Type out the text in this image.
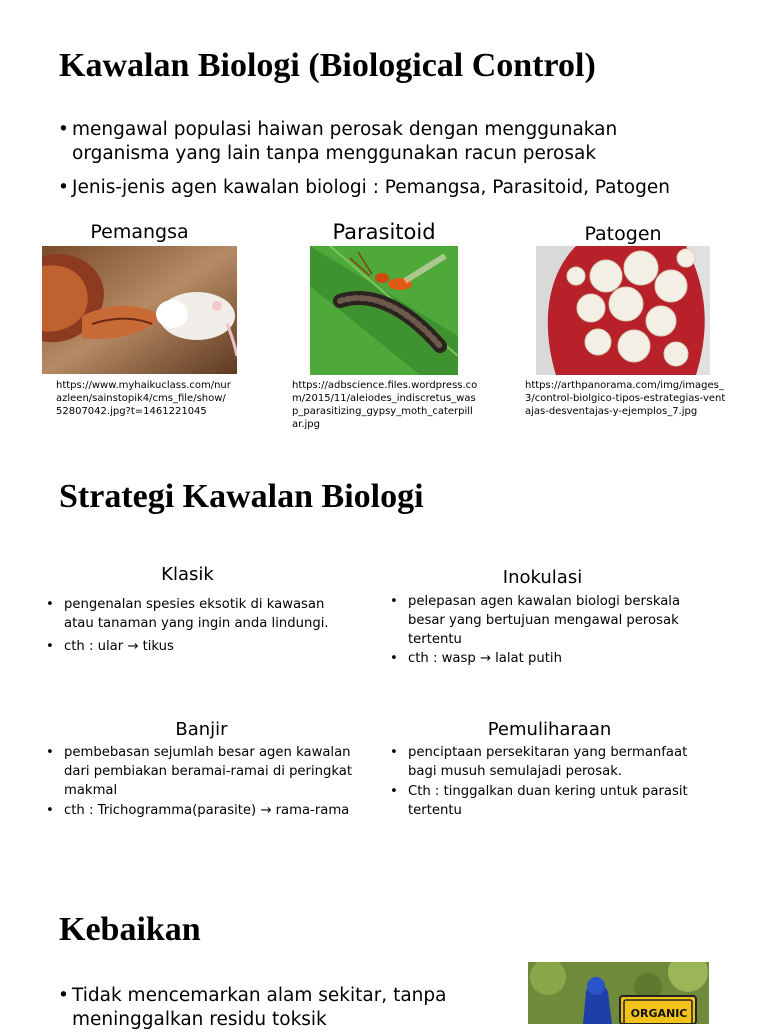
Kawalan Biologi (Biological Control)
• mengawal populasi haiwan perosak dengan menggunakan organisma yang lain tanpa menggunakan racun perosak
• Jenis-jenis agen kawalan biologi : Pemangsa, Parasitoid, Patogen
Pemangsa
https://www.myhaikuclass.com/nurazleen/sainstopik4/cms_file/show/52807042.jpg?t=1461221045
Parasitoid
https://adbscience.files.wordpress.com/2015/11/aleiodes_indiscretus_wasp_parasitizing_gypsy_moth_caterpillar.jpg
Patogen
https://arthpanorama.com/img/images_3/control-biolgico-tipos-estrategias-ventajas-desventajas-y-ejemplos_7.jpg
Strategi Kawalan Biologi
Klasik
• pengenalan spesies eksotik di kawasan atau tanaman yang ingin anda lindungi.
• cth : ular → tikus
Inokulasi
• pelepasan agen kawalan biologi berskala besar yang bertujuan mengawal perosak tertentu
• cth : wasp → lalat putih
Banjir
• pembebasan sejumlah besar agen kawalan dari pembiakan beramai-ramai di peringkat makmal
• cth : Trichogramma(parasite) → rama-rama
Pemuliharaan
• penciptaan persekitaran yang bermanfaat bagi musuh semulajadi perosak.
• Cth : tinggalkan duan kering untuk parasit tertentu
Kebaikan
• Tidak mencemarkan alam sekitar, tanpa meninggalkan residu toksik	ORGANIC
